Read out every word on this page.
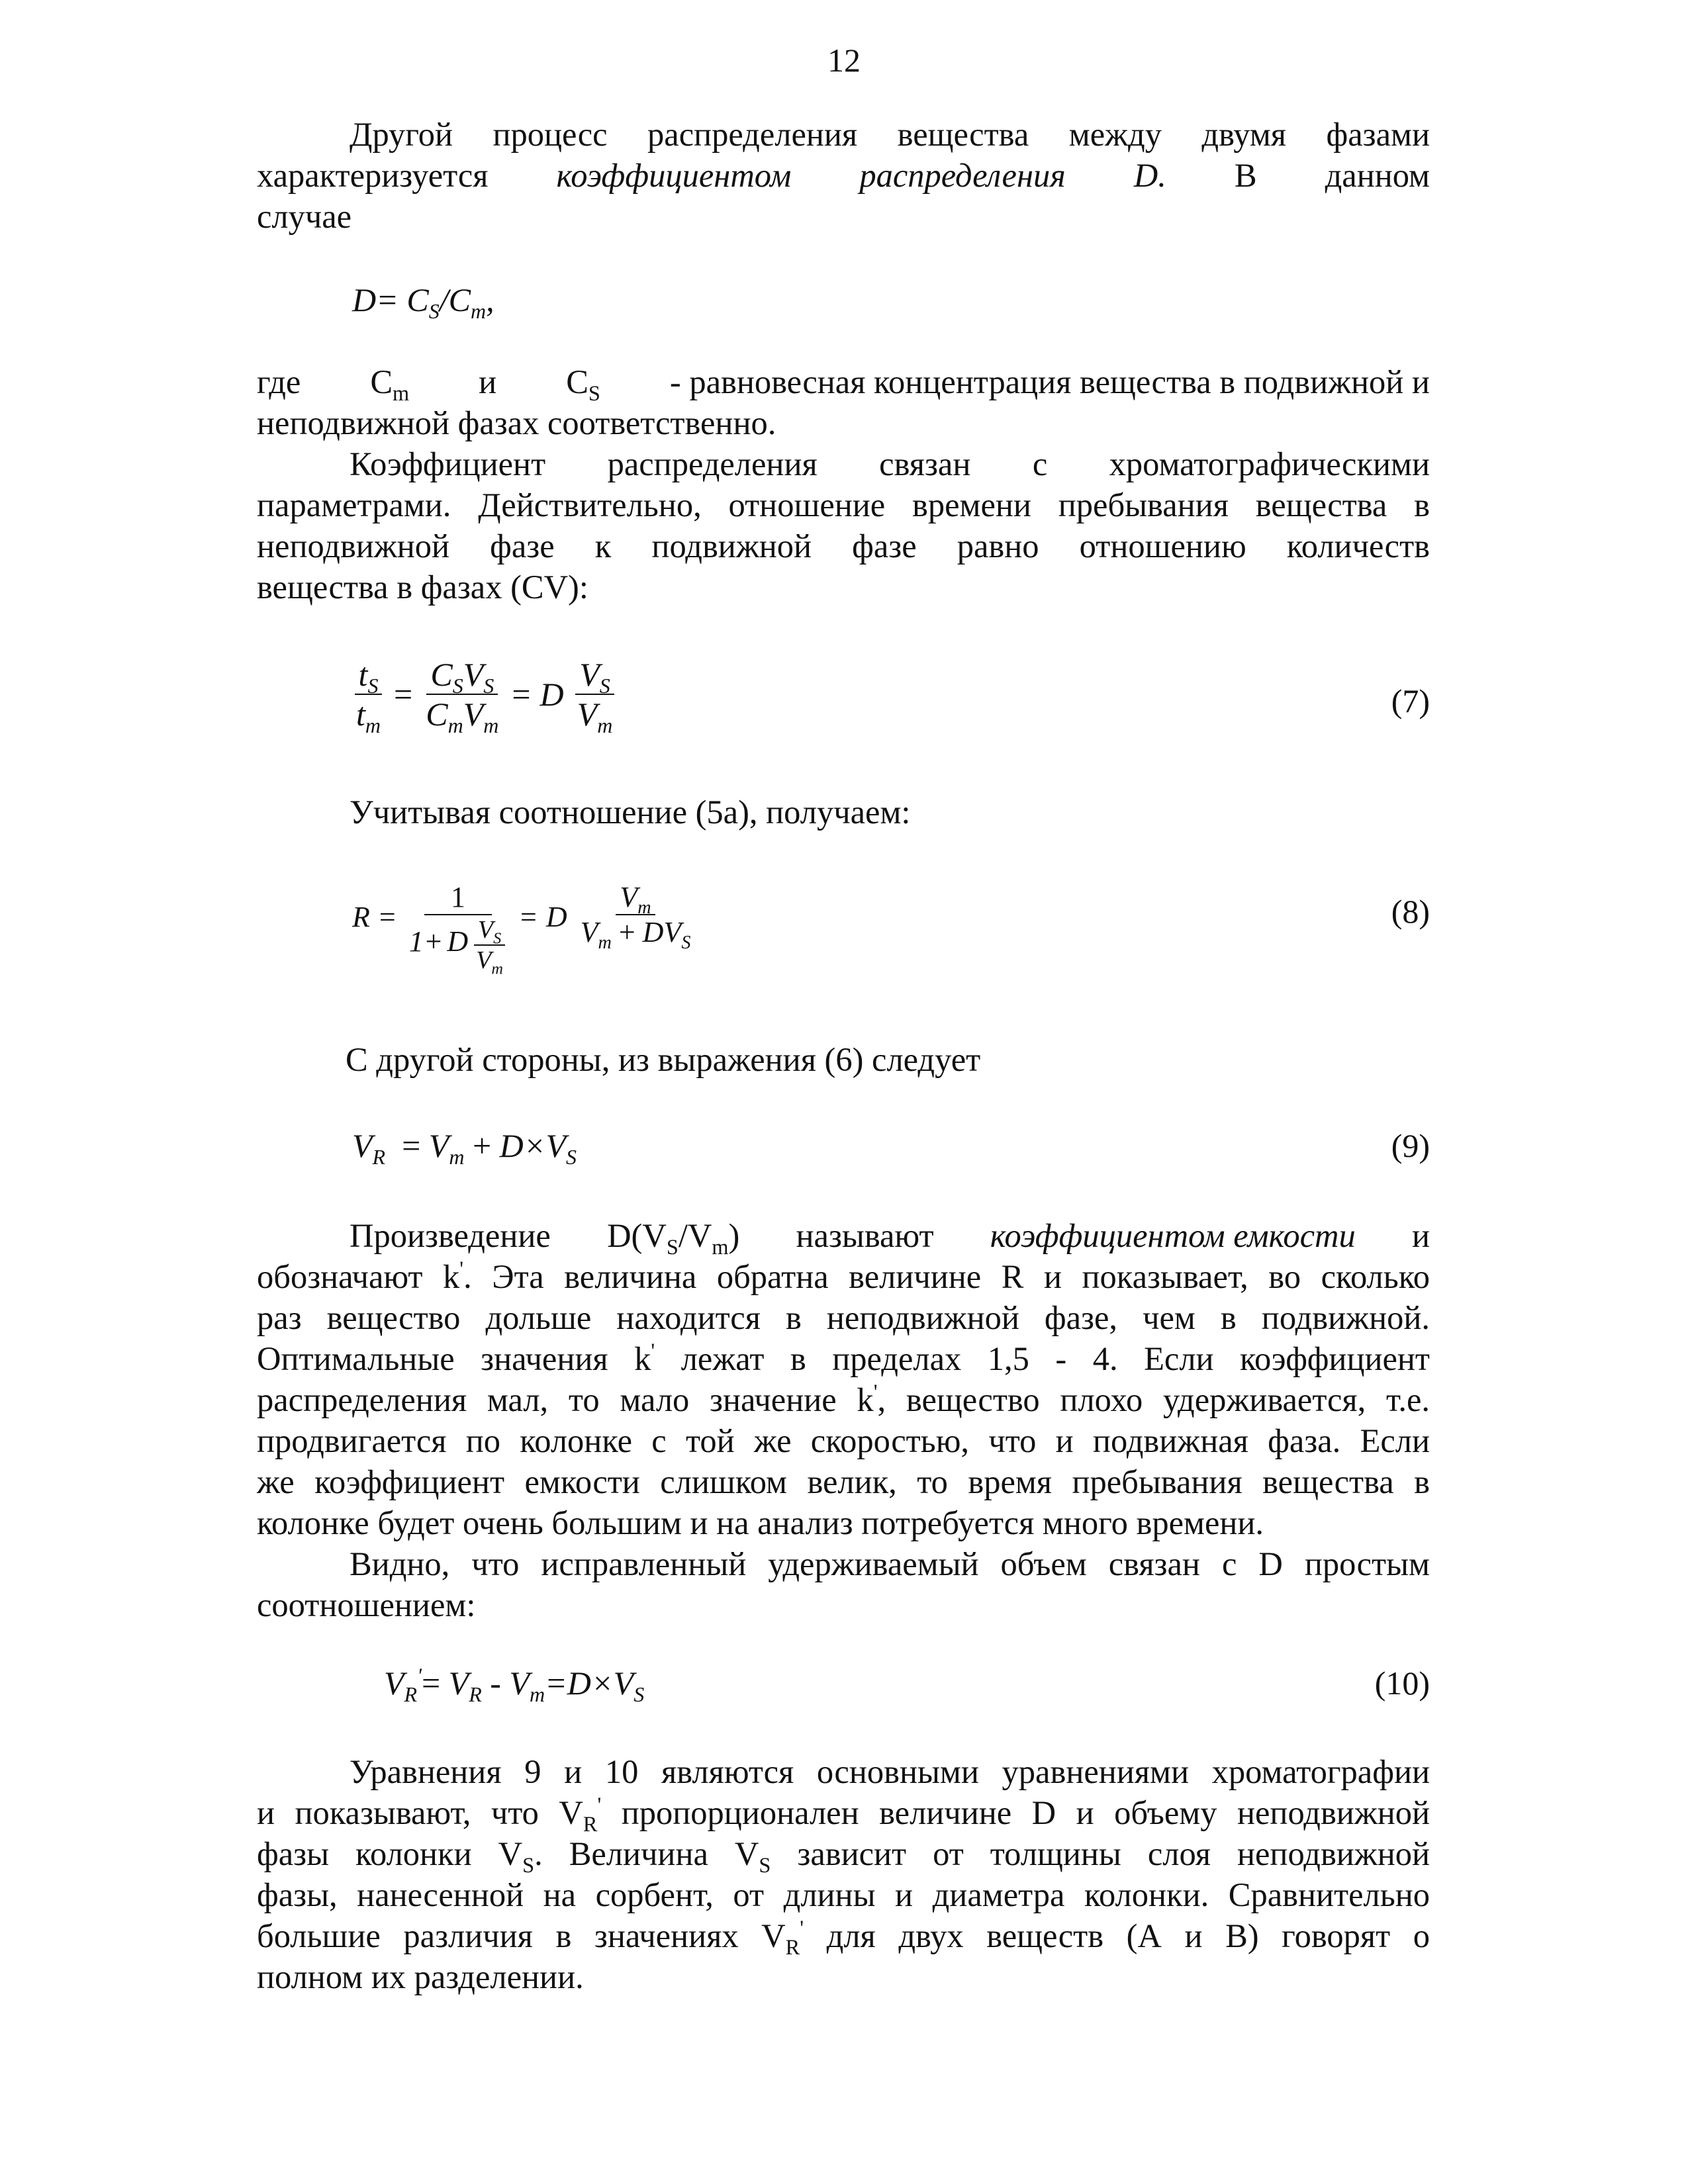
12
Другой процесс распределения вещества между двумя фазами
характеризуется коэффициентом распределения D. В данном
случае
$D= C_S/C_m$,
где $C_m$ и $C_S$ - равновесная концентрация вещества в подвижной и
неподвижной фазах соответственно.
Коэффициент распределения связан с хроматографическими
параметрами. Действительно, отношение времени пребывания вещества в
неподвижной фазе к подвижной фазе равно отношению количеств
вещества в фазах (CV):
$\frac{t_S}{t_m}$ =
$C_SV_S$
$C_mV_m$
= D
$V_S$
$V_m$
(7)
Учитывая соотношение (5а), получаем:
R = 1
1+ D $V_S$
$V_m = D$
$V_m$
$V_m + DV_S$
(8)
С другой стороны, из выражения (6) следует
$V_R = V_m + D\times V_S$	(9)
Произведение $D(V_S/V_m)$ называют коэффициентом емкости и
обозначают k'. Эта величина обратна величине R и показывает, во сколько
раз вещество дольше находится в неподвижной фазе, чем в подвижной.
Оптимальные значения k' лежат в пределах 1,5 - 4. Если коэффициент
распределения мал, то мало значение k', вещество плохо удерживается, т.е.
продвигается по колонке с той же скоростью, что и подвижная фаза. Если
же коэффициент емкости слишком велик, то время пребывания вещества в
колонке будет очень большим и на анализ потребуется много времени.
Видно, что исправленный удерживаемый объем связан с D простым
соотношением:
$V_R'= V_R - V_m=D\times V_S$	(10)
Уравнения 9 и 10 являются основными уравнениями хроматографии
и показывают, что $V_R'$ пропорционален величине D и объему неподвижной
фазы колонки $V_S$. Величина $V_S$ зависит от толщины слоя неподвижной
фазы, нанесенной на сорбент, от длины и диаметра колонки. Сравнительно
большие различия в значениях $V_R'$ для двух веществ (А и В) говорят о
полном их разделении.
